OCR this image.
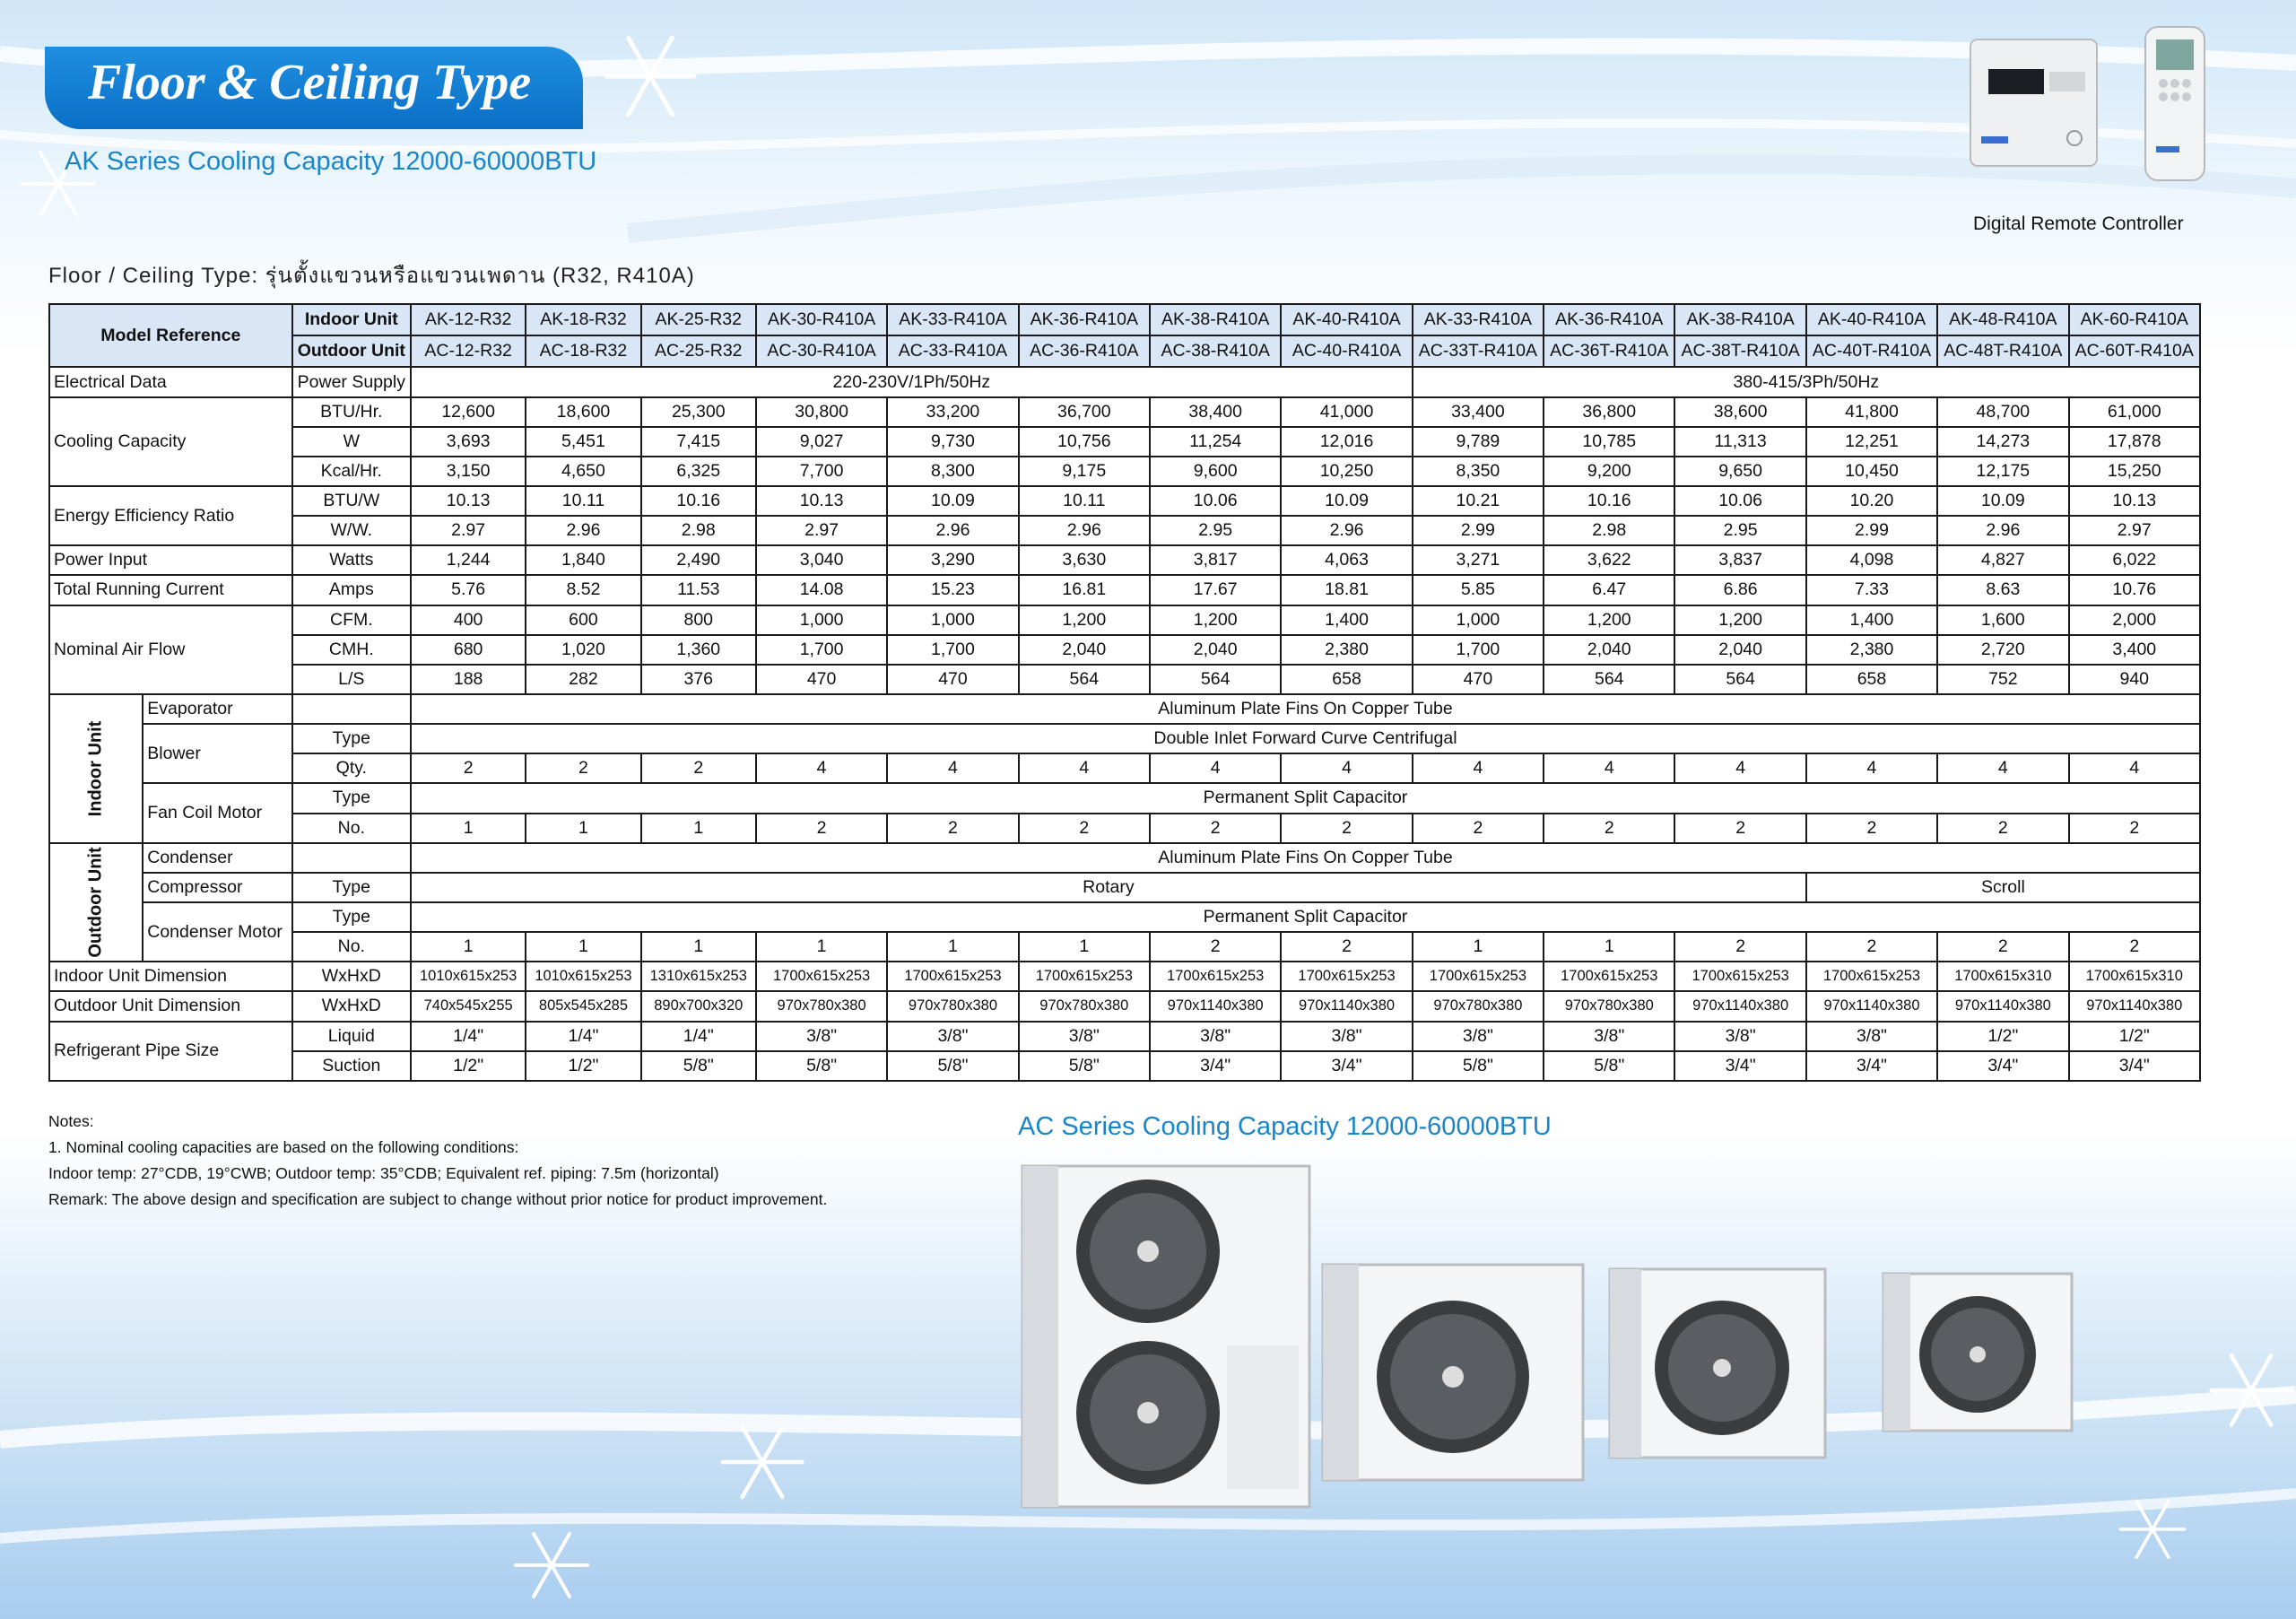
Floor & Ceiling Type
AK Series Cooling Capacity 12000-60000BTU
Digital Remote Controller
Floor / Ceiling Type: รุ่นตั้งแขวนหรือแขวนเพดาน (R32, R410A)
Model Reference		Indoor Unit	AK-12-R32	AK-18-R32	AK-25-R32	AK-30-R410A	AK-33-R410A	AK-36-R410A	AK-38-R410A	AK-40-R410A	AK-33-R410A	AK-36-R410A	AK-38-R410A	AK-40-R410A	AK-48-R410A	AK-60-R410A
		Outdoor Unit	AC-12-R32	AC-18-R32	AC-25-R32	AC-30-R410A	AC-33-R410A	AC-36-R410A	AC-38-R410A	AC-40-R410A	AC-33T-R410A	AC-36T-R410A	AC-38T-R410A	AC-40T-R410A	AC-48T-R410A	AC-60T-R410A
Electrical Data		Power Supply	220-230V/1Ph/50Hz								380-415/3Ph/50Hz					
Cooling Capacity		BTU/Hr.	12,600	18,600	25,300	30,800	33,200	36,700	38,400	41,000	33,400	36,800	38,600	41,800	48,700	61,000
		W	3,693	5,451	7,415	9,027	9,730	10,756	11,254	12,016	9,789	10,785	11,313	12,251	14,273	17,878
		Kcal/Hr.	3,150	4,650	6,325	7,700	8,300	9,175	9,600	10,250	8,350	9,200	9,650	10,450	12,175	15,250
Energy Efficiency Ratio		BTU/W	10.13	10.11	10.16	10.13	10.09	10.11	10.06	10.09	10.21	10.16	10.06	10.20	10.09	10.13
		W/W.	2.97	2.96	2.98	2.97	2.96	2.96	2.95	2.96	2.99	2.98	2.95	2.99	2.96	2.97
Power Input		Watts	1,244	1,840	2,490	3,040	3,290	3,630	3,817	4,063	3,271	3,622	3,837	4,098	4,827	6,022
Total Running Current		Amps	5.76	8.52	11.53	14.08	15.23	16.81	17.67	18.81	5.85	6.47	6.86	7.33	8.63	10.76
Nominal Air Flow		CFM.	400	600	800	1,000	1,000	1,200	1,200	1,400	1,000	1,200	1,200	1,400	1,600	2,000
		CMH.	680	1,020	1,360	1,700	1,700	2,040	2,040	2,380	1,700	2,040	2,040	2,380	2,720	3,400
		L/S	188	282	376	470	470	564	564	658	470	564	564	658	752	940

Indoor Unit	Evaporator		Aluminum Plate Fins On Copper Tube													
	Blower	Type	Double Inlet Forward Curve Centrifugal													
		Qty.	2	2	2	4	4	4	4	4	4	4	4	4	4	4
	Fan Coil Motor	Type	Permanent Split Capacitor													
		No.	1	1	1	2	2	2	2	2	2	2	2	2	2	2

Outdoor Unit	Condenser		Aluminum Plate Fins On Copper Tube													
	Compressor	Type	Rotary											Scroll		
	Condenser Motor	Type	Permanent Split Capacitor													
		No.	1	1	1	1	1	1	2	2	1	1	2	2	2	2
Indoor Unit Dimension		WxHxD	1010x615x253	1010x615x253	1310x615x253	1700x615x253	1700x615x253	1700x615x253	1700x615x253	1700x615x253	1700x615x253	1700x615x253	1700x615x253	1700x615x253	1700x615x310	1700x615x310
Outdoor Unit Dimension		WxHxD	740x545x255	805x545x285	890x700x320	970x780x380	970x780x380	970x780x380	970x1140x380	970x1140x380	970x780x380	970x780x380	970x1140x380	970x1140x380	970x1140x380	970x1140x380
Refrigerant Pipe Size		Liquid	1/4"	1/4"	1/4"	3/8"	3/8"	3/8"	3/8"	3/8"	3/8"	3/8"	3/8"	3/8"	1/2"	1/2"
		Suction	1/2"	1/2"	5/8"	5/8"	5/8"	5/8"	3/4"	3/4"	5/8"	5/8"	3/4"	3/4"	3/4"	3/4"
Notes:
1. Nominal cooling capacities are based on the following conditions:
Indoor temp: 27°CDB, 19°CWB; Outdoor temp: 35°CDB; Equivalent ref. piping: 7.5m (horizontal)
Remark: The above design and specification are subject to change without prior notice for product improvement.
AC Series Cooling Capacity 12000-60000BTU
